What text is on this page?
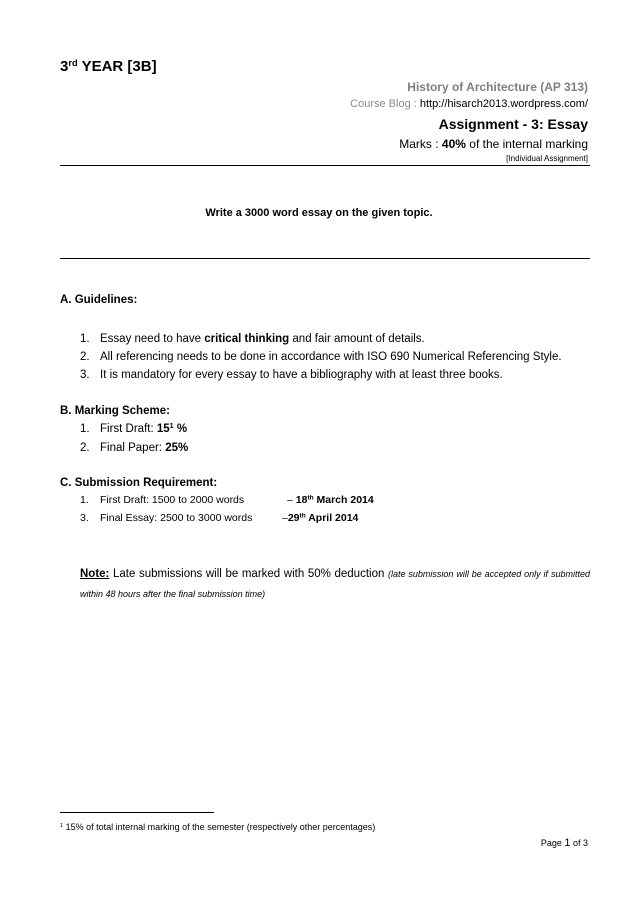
3rd YEAR [3B]
History of Architecture (AP 313)
Course Blog : http://hisarch2013.wordpress.com/
Assignment - 3: Essay
Marks : 40% of the internal marking
[Individual Assignment]
Write a 3000 word essay on the given topic.
A. Guidelines:
1. Essay need to have critical thinking and fair amount of details.
2. All referencing needs to be done in accordance with ISO 690 Numerical Referencing Style.
3. It is mandatory for every essay to have a bibliography with at least three books.
B. Marking Scheme:
1. First Draft: $15^1$ %
2. Final Paper: 25%
C. Submission Requirement:
1. First Draft: 1500 to 2000 words	– 18th March 2014
3. Final Essay: 2500 to 3000 words	–29th April 2014
Note: Late submissions will be marked with 50% deduction (late submission will be accepted only if submitted within 48 hours after the final submission time)
$^1$ 15% of total internal marking of the semester (respectively other percentages)
Page 1 of 3
